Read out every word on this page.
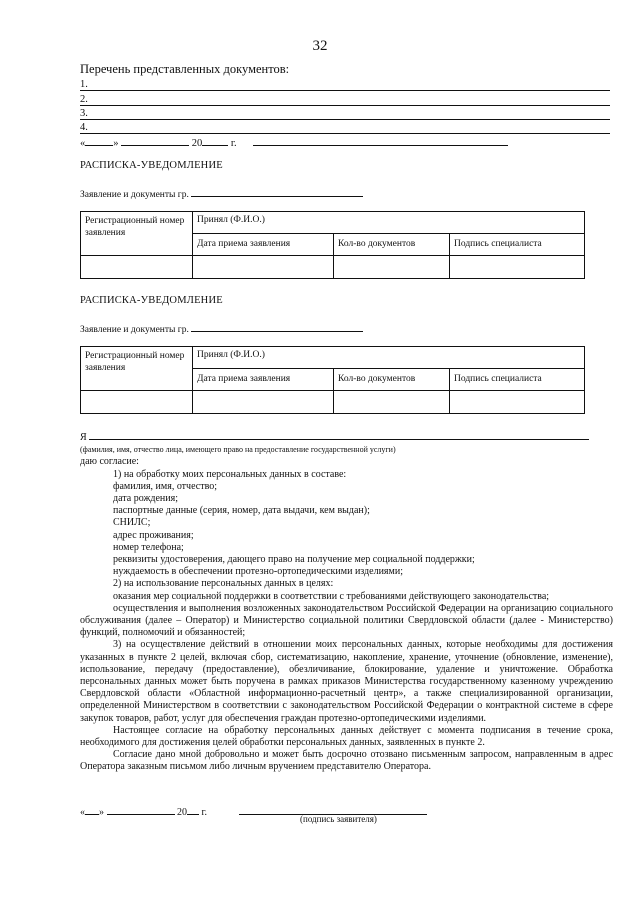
32
Перечень представленных документов:
1.
2.
3.
4.
«	»	20	г.
РАСПИСКА-УВЕДОМЛЕНИЕ
Заявление и документы гр.
Регистрационный номер заявления	Принял (Ф.И.О.)		
	Дата приема заявления	Кол-во документов	Подпись специалиста

РАСПИСКА-УВЕДОМЛЕНИЕ
Заявление и документы гр.
Регистрационный номер заявления	Принял (Ф.И.О.)		
	Дата приема заявления	Кол-во документов	Подпись специалиста

Я

(фамилия, имя, отчество лица, имеющего право на предоставление государственной услуги)

даю согласие:

1) на обработку моих персональных данных в составе:

фамилия, имя, отчество;

дата рождения;

паспортные данные (серия, номер, дата выдачи, кем выдан);

СНИЛС;

адрес проживания;

номер телефона;

реквизиты удостоверения, дающего право на получение мер социальной поддержки;

нуждаемость в обеспечении протезно-ортопедическими изделиями;

2) на использование персональных данных в целях:

оказания мер социальной поддержки в соответствии с требованиями действующего законодательства;

осуществления и выполнения возложенных законодательством Российской Федерации на организацию социального обслуживания (далее – Оператор) и Министерство социальной политики Свердловской области (далее - Министерство) функций, полномочий и обязанностей;

3) на осуществление действий в отношении моих персональных данных, которые необходимы для достижения указанных в пункте 2 целей, включая сбор, систематизацию, накопление, хранение, уточнение (обновление, изменение), использование, передачу (предоставление), обезличивание, блокирование, удаление и уничтожение. Обработка персональных данных может быть поручена в рамках приказов Министерства государственному казенному учреждению Свердловской области «Областной информационно-расчетный центр», а также специализированной организации, определенной Министерством в соответствии с законодательством Российской Федерации о контрактной системе в сфере закупок товаров, работ, услуг для обеспечения граждан протезно-ортопедическими изделиями.

Настоящее согласие на обработку персональных данных действует с момента подписания в течение срока, необходимого для достижения целей обработки персональных данных, заявленных в пункте 2.

Согласие дано мной добровольно и может быть досрочно отозвано письменным запросом, направленным в адрес Оператора заказным письмом либо личным вручением представителю Оператора.

« »	20 г.
(подпись заявителя)
